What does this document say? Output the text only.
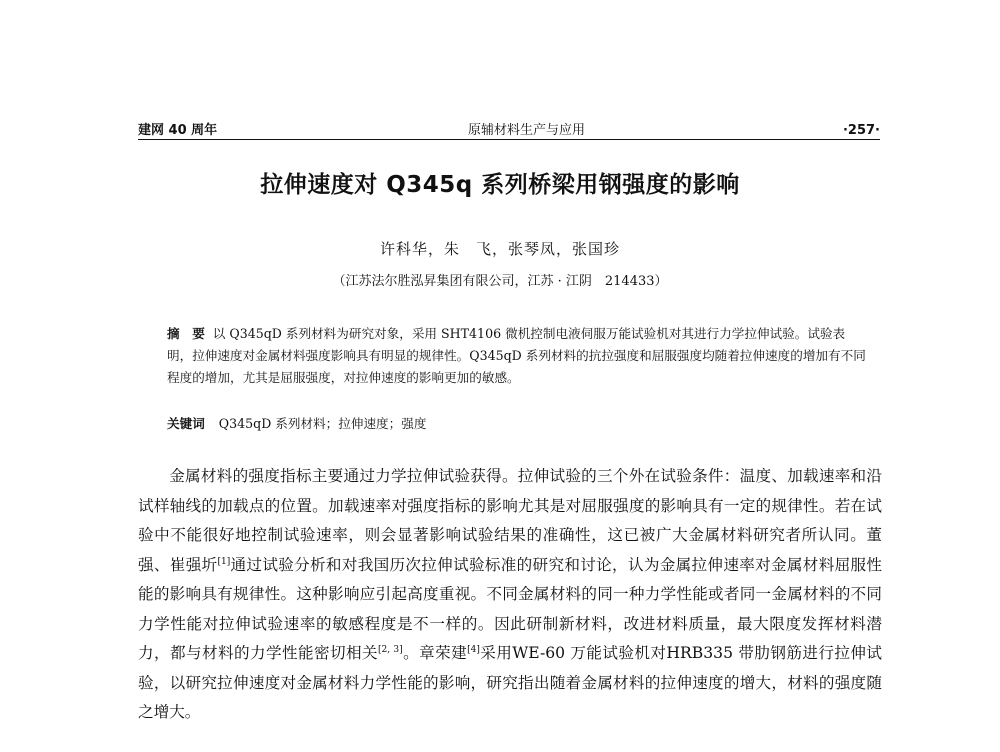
建网 40 周年	原辅材料生产与应用	·257·
拉伸速度对 Q345q 系列桥梁用钢强度的影响
许科华，朱　飞，张琴凤，张国珍
（江苏法尔胜泓昇集团有限公司，江苏 · 江阴　214433）
摘　要 以 Q345qD 系列材料为研究对象，采用 SHT4106 微机控制电液伺服万能试验机对其进行力学拉伸试验。试验表明，拉伸速度对金属材料强度影响具有明显的规律性。Q345qD 系列材料的抗拉强度和屈服强度均随着拉伸速度的增加有不同程度的增加，尤其是屈服强度，对拉伸速度的影响更加的敏感。
关键词 Q345qD 系列材料；拉伸速度；强度
金属材料的强度指标主要通过力学拉伸试验获得。拉伸试验的三个外在试验条件：温度、加载速率和沿试样轴线的加载点的位置。加载速率对强度指标的影响尤其是对屈服强度的影响具有一定的规律性。若在试验中不能很好地控制试验速率，则会显著影响试验结果的准确性，这已被广大金属材料研究者所认同。董强、崔强圻[1]通过试验分析和对我国历次拉伸试验标准的研究和讨论，认为金属拉伸速率对金属材料屈服性能的影响具有规律性。这种影响应引起高度重视。不同金属材料的同一种力学性能或者同一金属材料的不同力学性能对拉伸试验速率的敏感程度是不一样的。因此研制新材料，改进材料质量，最大限度发挥材料潜力，都与材料的力学性能密切相关[2, 3]。章荣建[4]采用WE-60 万能试验机对HRB335 带肋钢筋进行拉伸试验，以研究拉伸速度对金属材料力学性能的影响，研究指出随着金属材料的拉伸速度的增大，材料的强度随之增大。
